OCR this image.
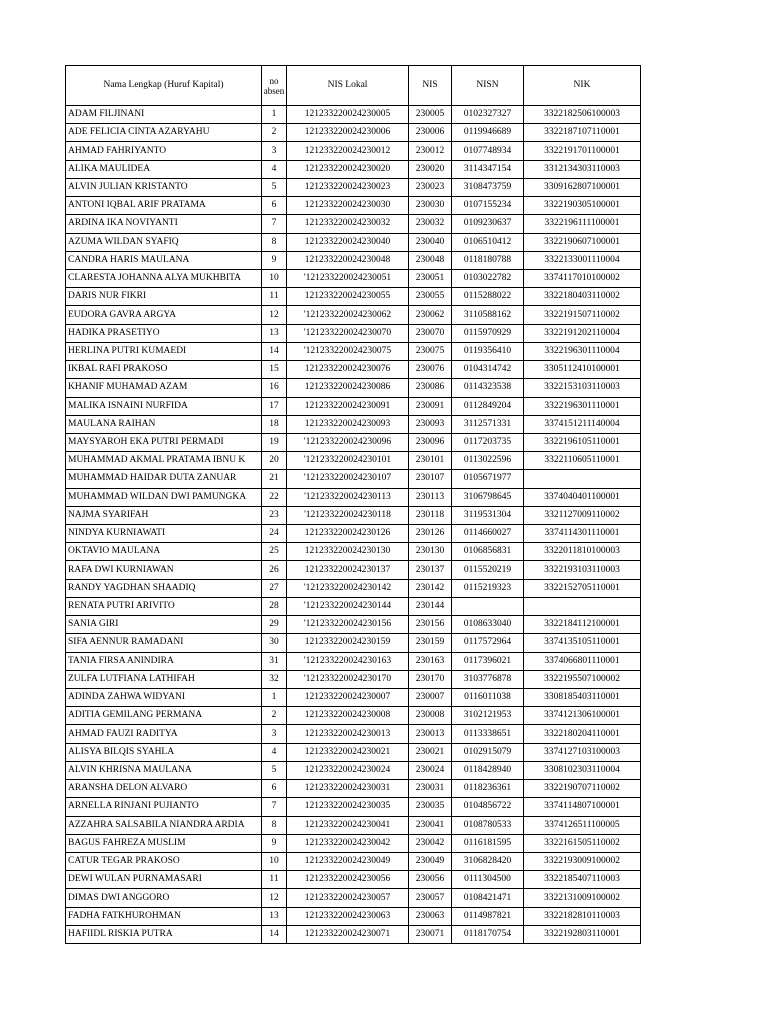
Nama Lengkap (Huruf Kapital)	no absen	NIS Lokal	NIS	NISN	NIK
ADAM FILJINANI	1	121233220024230005	230005	0102327327	3322182506100003
ADE FELICIA CINTA AZARYAHU	2	121233220024230006	230006	0119946689	3322187107110001
AHMAD FAHRIYANTO	3	121233220024230012	230012	0107748934	3322191701100001
ALIKA MAULIDEA	4	121233220024230020	230020	3114347154	3312134303110003
ALVIN JULIAN KRISTANTO	5	121233220024230023	230023	3108473759	3309162807100001
ANTONI IQBAL ARIF PRATAMA	6	121233220024230030	230030	0107155234	3322190305100001
ARDINA IKA NOVIYANTI	7	121233220024230032	230032	0109230637	3322196111100001
AZUMA WILDAN SYAFIQ	8	121233220024230040	230040	0106510412	3322190607100001
CANDRA HARIS MAULANA	9	121233220024230048	230048	0118180788	3322133001110004
CLARESTA JOHANNA ALYA MUKHBITA	10	'121233220024230051	230051	0103022782	3374117010100002
DARIS NUR FIKRI	11	121233220024230055	230055	0115288022	3322180403110002
EUDORA GAVRA ARGYA	12	'121233220024230062	230062	3110588162	3322191507110002
HADIKA PRASETIYO	13	'121233220024230070	230070	0115970929	3322191202110004
HERLINA PUTRI KUMAEDI	14	'121233220024230075	230075	0119356410	3322196301110004
IKBAL RAFI PRAKOSO	15	121233220024230076	230076	0104314742	3305112410100001
KHANIF MUHAMAD AZAM	16	121233220024230086	230086	0114323538	3322153103110003
MALIKA ISNAINI NURFIDA	17	121233220024230091	230091	0112849204	3322196301110001
MAULANA RAIHAN	18	121233220024230093	230093	3112571331	3374151211140004
MAYSYAROH EKA PUTRI PERMADI	19	'121233220024230096	230096	0117203735	3322196105110001
MUHAMMAD AKMAL PRATAMA IBNU K	20	'121233220024230101	230101	0113022596	3322110605110001
MUHAMMAD HAIDAR DUTA ZANUAR	21	'121233220024230107	230107	0105671977	
MUHAMMAD WILDAN DWI PAMUNGKA	22	'121233220024230113	230113	3106798645	3374040401100001
NAJMA SYARIFAH	23	'121233220024230118	230118	3119531304	3321127009110002
NINDYA KURNIAWATI	24	121233220024230126	230126	0114660027	3374114301110001
OKTAVIO MAULANA	25	121233220024230130	230130	0106856831	3322011810100003
RAFA DWI KURNIAWAN	26	121233220024230137	230137	0115520219	3322193103110003
RANDY YAGDHAN SHAADIQ	27	'121233220024230142	230142	0115219323	3322152705110001
RENATA PUTRI ARIVITO	28	'121233220024230144	230144		
SANIA GIRI	29	'121233220024230156	230156	0108633040	3322184112100001
SIFA AENNUR RAMADANI	30	121233220024230159	230159	0117572964	3374135105110001
TANIA FIRSA ANINDIRA	31	'121233220024230163	230163	0117396021	3374066801110001
ZULFA LUTFIANA LATHIFAH	32	'121233220024230170	230170	3103776878	3322195507100002
ADINDA ZAHWA WIDYANI	1	121233220024230007	230007	0116011038	3308185403110001
ADITIA GEMILANG PERMANA	2	121233220024230008	230008	3102121953	3374121306100001
AHMAD FAUZI RADITYA	3	121233220024230013	230013	0113338651	3322180204110001
ALISYA BILQIS SYAHLA	4	121233220024230021	230021	0102915079	3374127103100003
ALVIN KHRISNA MAULANA	5	121233220024230024	230024	0118428940	3308102303110004
ARANSHA DELON ALVARO	6	121233220024230031	230031	0118236361	3322190707110002
ARNELLA RINJANI PUJIANTO	7	121233220024230035	230035	0104856722	3374114807100001
AZZAHRA SALSABILA NIANDRA ARDIA	8	121233220024230041	230041	0108780533	3374126511100005
BAGUS FAHREZA MUSLIM	9	121233220024230042	230042	0116181595	3322161505110002
CATUR TEGAR PRAKOSO	10	121233220024230049	230049	3106828420	3322193009100002
DEWI WULAN PURNAMASARI	11	121233220024230056	230056	0111304500	3322185407110003
DIMAS DWI ANGGORO	12	121233220024230057	230057	0108421471	3322131009100002
FADHA FATKHUROHMAN	13	121233220024230063	230063	0114987821	3322182810110003
HAFIIDL RISKIA PUTRA	14	121233220024230071	230071	0118170754	3322192803110001
